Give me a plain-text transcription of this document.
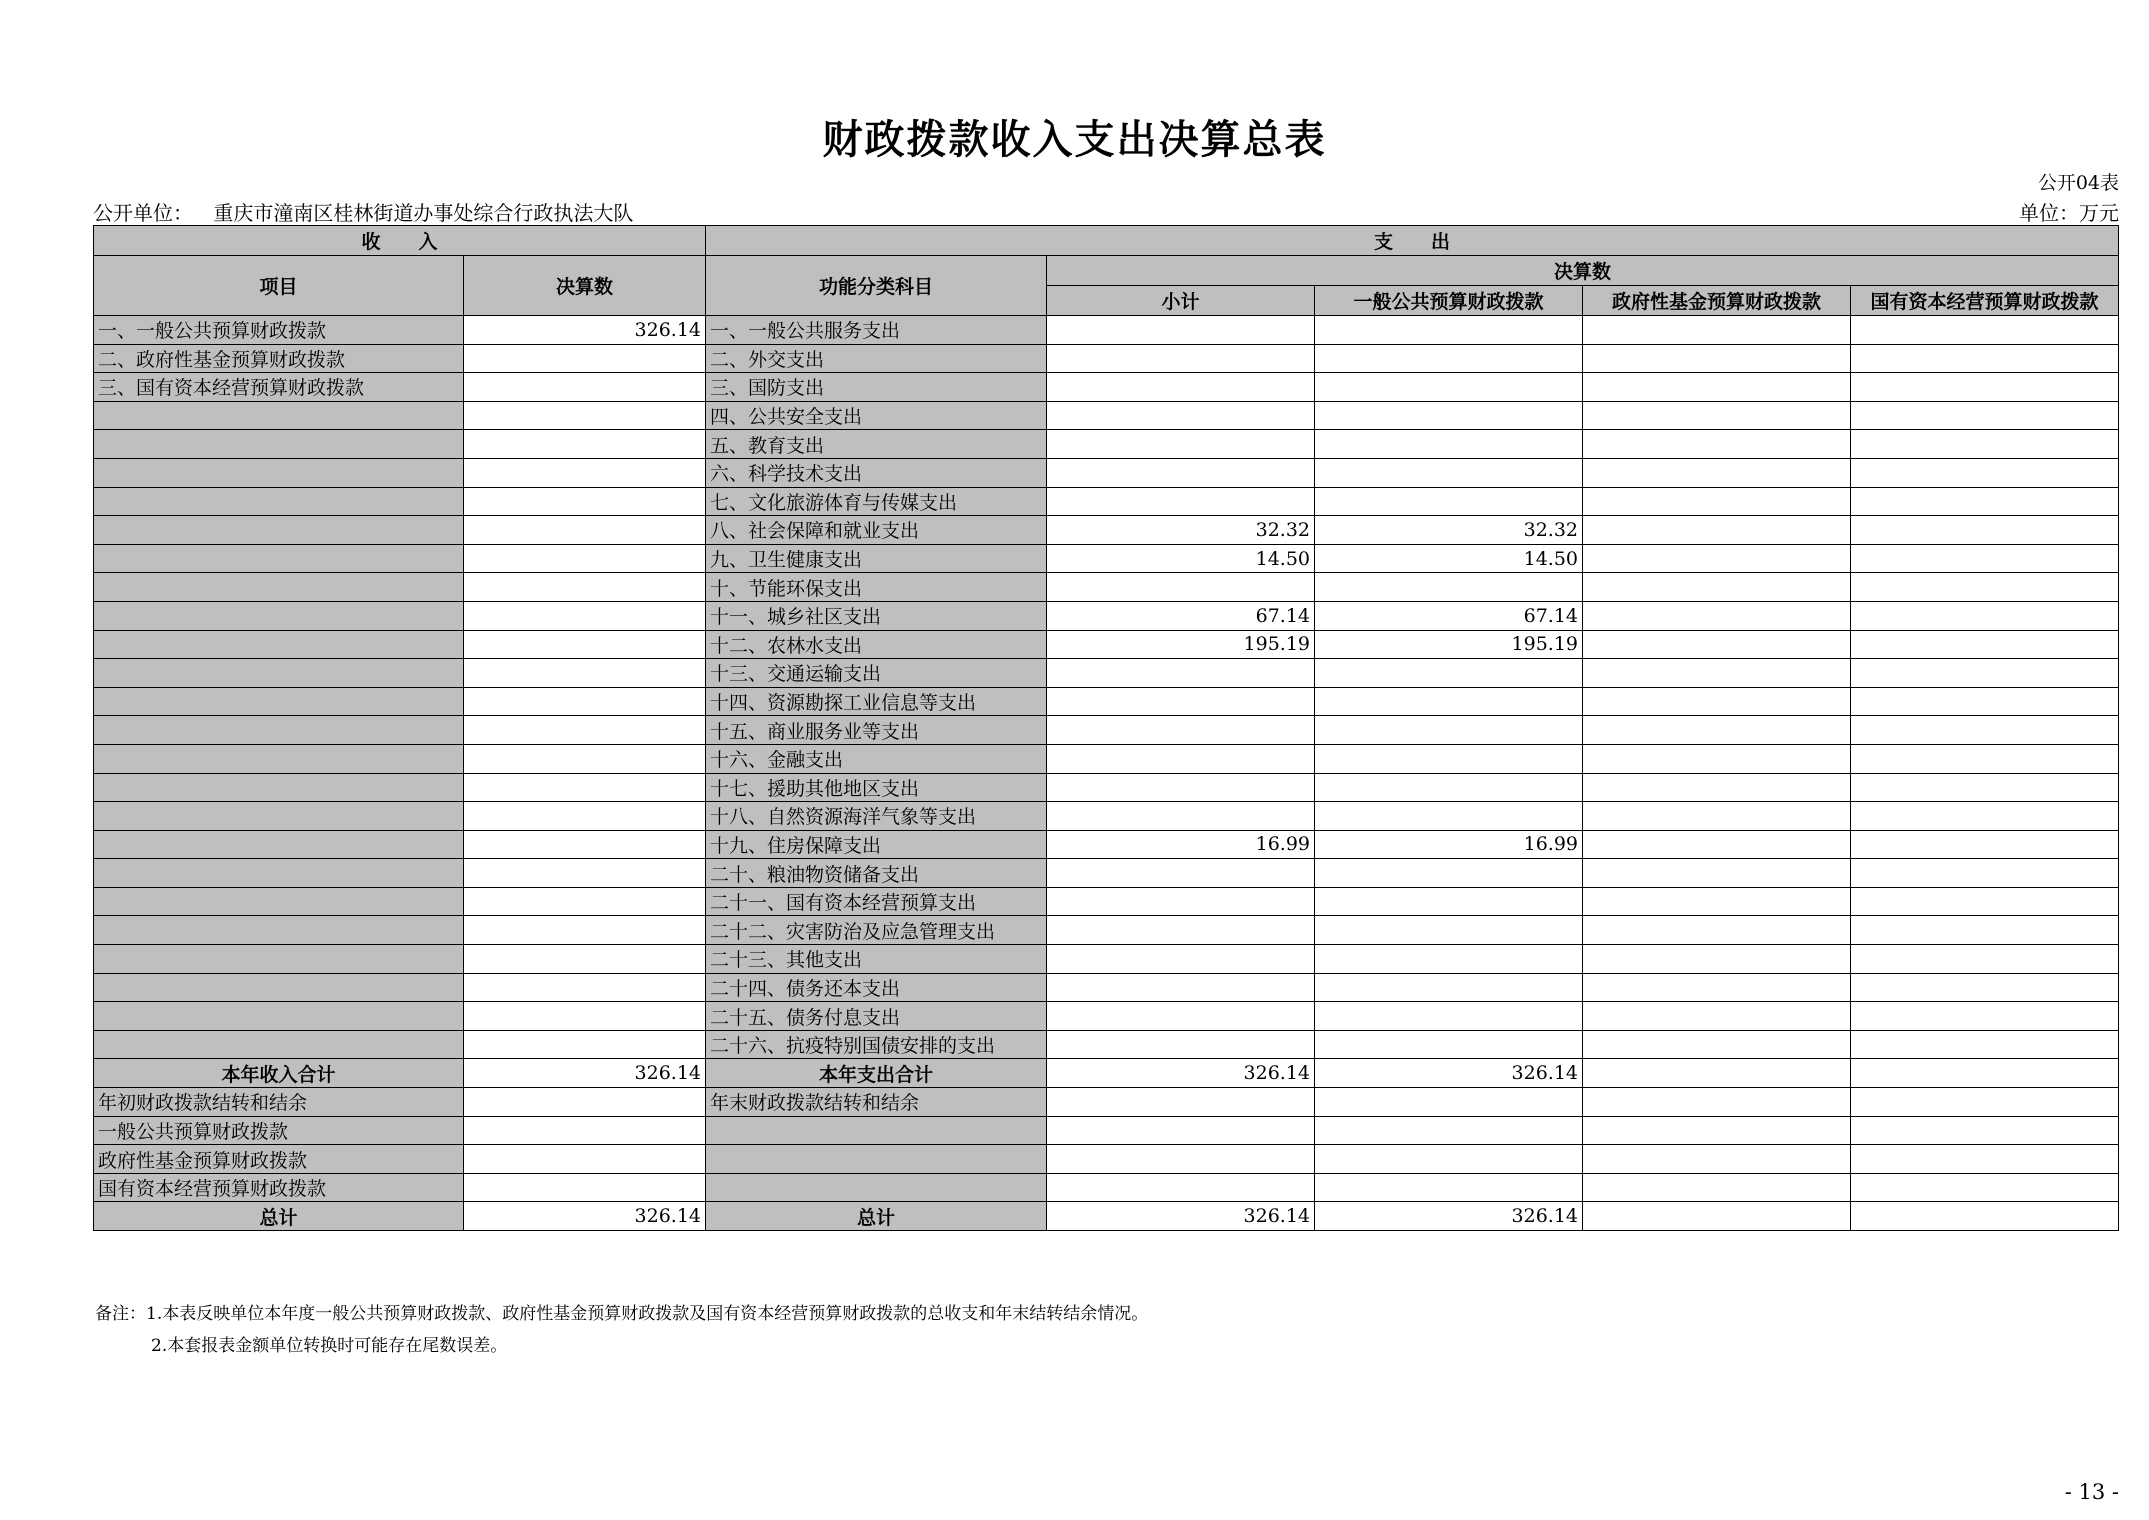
财政拨款收入支出决算总表
公开04表
公开单位： 重庆市潼南区桂林街道办事处综合行政执法大队	单位：万元
收　　入		支　　出				
项目	决算数	功能分类科目	决算数			
			小计	一般公共预算财政拨款	政府性基金预算财政拨款	国有资本经营预算财政拨款
一、一般公共预算财政拨款	326.14	一、一般公共服务支出				
二、政府性基金预算财政拨款		二、外交支出				
三、国有资本经营预算财政拨款		三、国防支出				
		四、公共安全支出				
		五、教育支出				
		六、科学技术支出				
		七、文化旅游体育与传媒支出				
		八、社会保障和就业支出	32.32	32.32		
		九、卫生健康支出	14.50	14.50		
		十、节能环保支出				
		十一、城乡社区支出	67.14	67.14		
		十二、农林水支出	195.19	195.19		
		十三、交通运输支出				
		十四、资源勘探工业信息等支出				
		十五、商业服务业等支出				
		十六、金融支出				
		十七、援助其他地区支出				
		十八、自然资源海洋气象等支出				
		十九、住房保障支出	16.99	16.99		
		二十、粮油物资储备支出				
		二十一、国有资本经营预算支出				
		二十二、灾害防治及应急管理支出				
		二十三、其他支出				
		二十四、债务还本支出				
		二十五、债务付息支出				
		二十六、抗疫特别国债安排的支出				
本年收入合计	326.14	本年支出合计	326.14	326.14		
年初财政拨款结转和结余		年末财政拨款结转和结余				
一般公共预算财政拨款						
政府性基金预算财政拨款						
国有资本经营预算财政拨款						
总计	326.14	总计	326.14	326.14		
备注：1.本表反映单位本年度一般公共预算财政拨款、政府性基金预算财政拨款及国有资本经营预算财政拨款的总收支和年末结转结余情况。
2.本套报表金额单位转换时可能存在尾数误差。
- 13 -
